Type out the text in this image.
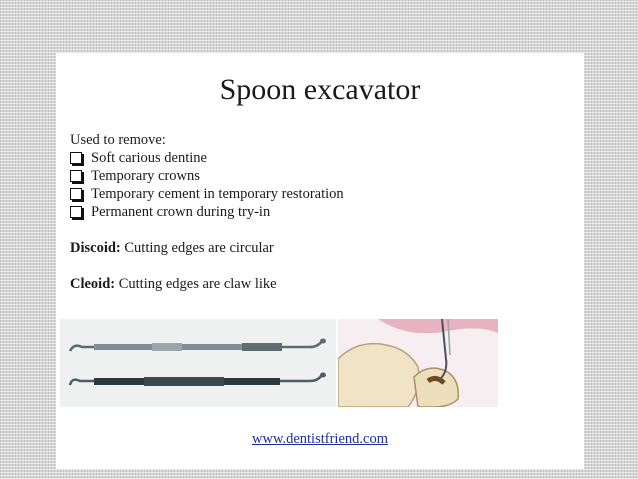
Spoon excavator
Used to remove:
Soft carious dentine
Temporary crowns
Temporary cement in temporary restoration
Permanent crown during try-in
Discoid: Cutting edges are circular
Cleoid: Cutting edges are claw like
www.dentistfriend.com
